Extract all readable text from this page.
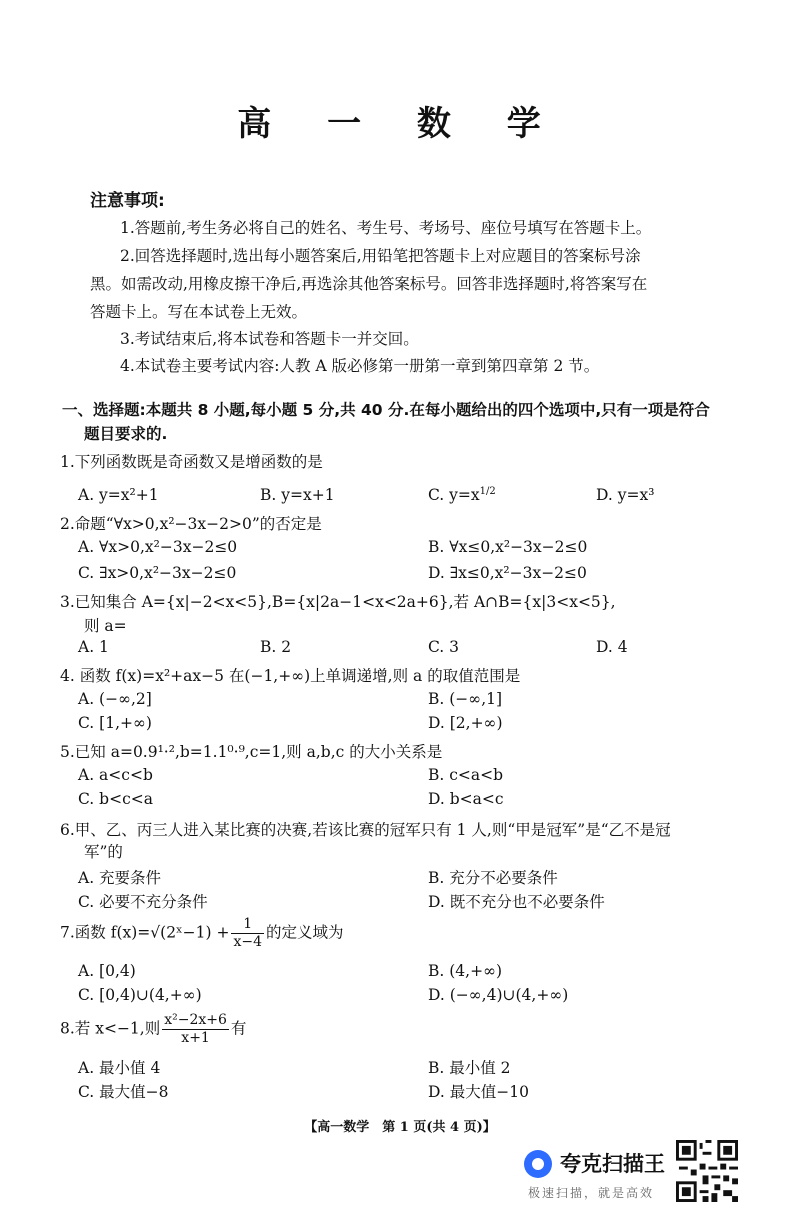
高 一 数 学
注意事项:
1.答题前,考生务必将自己的姓名、考生号、考场号、座位号填写在答题卡上。
2.回答选择题时,选出每小题答案后,用铅笔把答题卡上对应题目的答案标号涂
黑。如需改动,用橡皮擦干净后,再选涂其他答案标号。回答非选择题时,将答案写在
答题卡上。写在本试卷上无效。
3.考试结束后,将本试卷和答题卡一并交回。
4.本试卷主要考试内容:人教 A 版必修第一册第一章到第四章第 2 节。
一、选择题:本题共 8 小题,每小题 5 分,共 40 分.在每小题给出的四个选项中,只有一项是符合
题目要求的.
1.下列函数既是奇函数又是增函数的是
A. y=x²+1	B. y=x+1	C. $y=x^{1/2}$	D. y=x³
2.命题“∀x>0,x²−3x−2>0”的否定是
A. ∀x>0,x²−3x−2≤0	B. ∀x≤0,x²−3x−2≤0
C. ∃x>0,x²−3x−2≤0	D. ∃x≤0,x²−3x−2≤0
3.已知集合 A={x|−2<x<5},B={x|2a−1<x<2a+6},若 A∩B={x|3<x<5},
则 a=
A. 1	B. 2	C. 3	D. 4
4. 函数 f(x)=x²+ax−5 在(−1,+∞)上单调递增,则 a 的取值范围是
A. (−∞,2]	B. (−∞,1]
C. [1,+∞)	D. [2,+∞)
5.已知 a=0.9¹·²,b=1.1⁰·⁹,c=1,则 a,b,c 的大小关系是
A. a<c<b	B. c<a<b
C. b<c<a	D. b<a<c
6.甲、乙、丙三人进入某比赛的决赛,若该比赛的冠军只有 1 人,则“甲是冠军”是“乙不是冠
军”的
A. 充要条件	B. 充分不必要条件
C. 必要不充分条件	D. 既不充分也不必要条件
7.函数 f(x)=√(2ˣ−1) + $\frac{1}{x-4}$ 的定义域为
A. [0,4)	B. (4,+∞)
C. [0,4)∪(4,+∞)	D. (−∞,4)∪(4,+∞)
8.若 x<−1,则 $\frac{\text{x²−2x+6}}{x+1}$ 有
A. 最小值 4	B. 最小值 2
C. 最大值−8	D. 最大值−10
【高一数学　第 1 页(共 4 页)】
夸克扫描王
极速扫描，就是高效
